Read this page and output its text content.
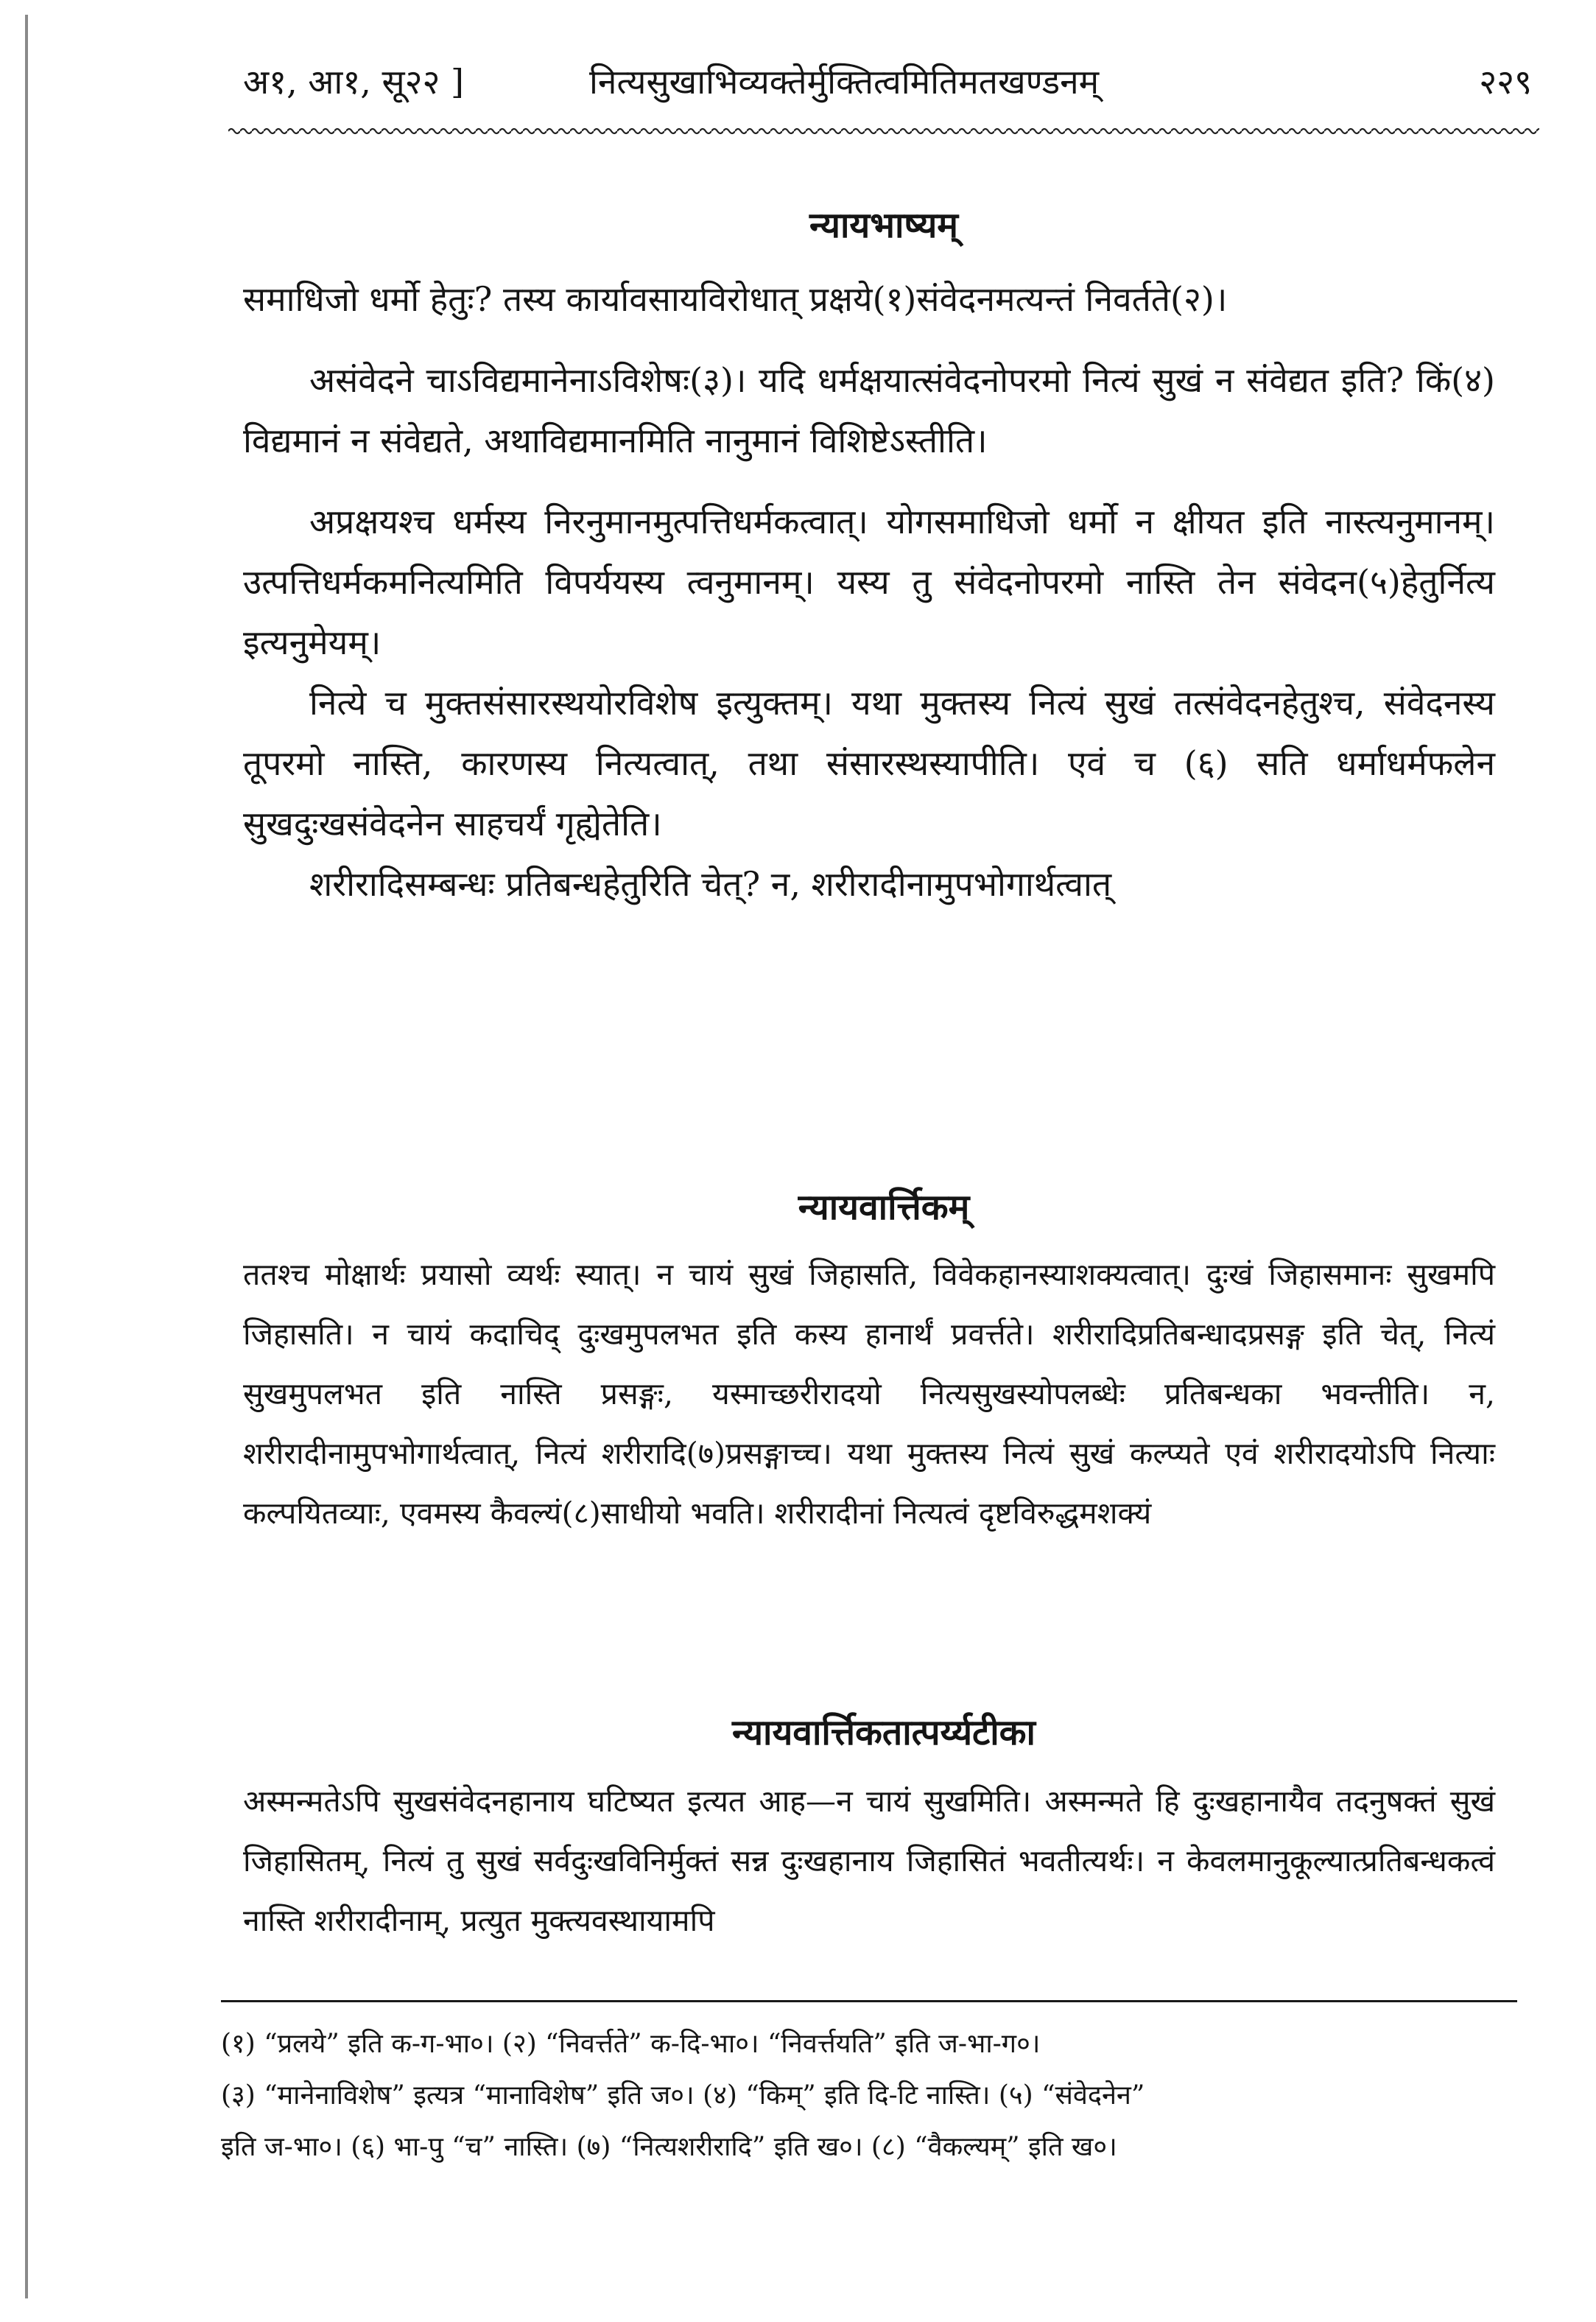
अ१, आ१, सू२२ ]	नित्यसुखाभिव्यक्तेर्मुक्तित्वमितिमतखण्डनम्	२२९
न्यायभाष्यम्

समाधिजो धर्मो हेतुः? तस्य कार्यावसायविरोधात् प्रक्षये(१)संवेदनमत्यन्तं निवर्तते(२)।

असंवेदने चाऽविद्यमानेनाऽविशेषः(३)। यदि धर्मक्षयात्संवेदनोपरमो नित्यं सुखं न संवेद्यत इति? किं(४) विद्यमानं न संवेद्यते, अथाविद्यमानमिति नानुमानं विशिष्टेऽस्तीति।

अप्रक्षयश्च धर्मस्य निरनुमानमुत्पत्तिधर्मकत्वात्। योगसमाधिजो धर्मो न क्षीयत इति नास्त्यनुमानम्। उत्पत्तिधर्मकमनित्यमिति विपर्ययस्य त्वनुमानम्। यस्य तु संवेदनोपरमो नास्ति तेन संवेदन(५)हेतुर्नित्य इत्यनुमेयम्।

नित्ये च मुक्तसंसारस्थयोरविशेष इत्युक्तम्। यथा मुक्तस्य नित्यं सुखं तत्संवेदनहेतुश्च, संवेदनस्य तूपरमो नास्ति, कारणस्य नित्यत्वात्, तथा संसारस्थस्यापीति। एवं च (६) सति धर्माधर्मफलेन सुखदुःखसंवेदनेन साहचर्यं गृह्येतेति।

शरीरादिसम्बन्धः प्रतिबन्धहेतुरिति चेत्? न, शरीरादीनामुपभोगार्थत्वात्

न्यायवार्त्तिकम्

ततश्च मोक्षार्थः प्रयासो व्यर्थः स्यात्। न चायं सुखं जिहासति, विवेकहानस्याशक्यत्वात्। दुःखं जिहासमानः सुखमपि जिहासति। न चायं कदाचिद् दुःखमुपलभत इति कस्य हानार्थं प्रवर्त्तते। शरीरादिप्रतिबन्धादप्रसङ्ग इति चेत्, नित्यं सुखमुपलभत इति नास्ति प्रसङ्गः, यस्माच्छरीरादयो नित्यसुखस्योपलब्धेः प्रतिबन्धका भवन्तीति। न, शरीरादीनामुपभोगार्थत्वात्, नित्यं शरीरादि(७)प्रसङ्गाच्च। यथा मुक्तस्य नित्यं सुखं कल्प्यते एवं शरीरादयोऽपि नित्याः कल्पयितव्याः, एवमस्य कैवल्यं(८)साधीयो भवति। शरीरादीनां नित्यत्वं दृष्टविरुद्धमशक्यं

न्यायवार्त्तिकतात्पर्य्यटीका

अस्मन्मतेऽपि सुखसंवेदनहानाय घटिष्यत इत्यत आह—न चायं सुखमिति। अस्मन्मते हि दुःखहानायैव तदनुषक्तं सुखं जिहासितम्, नित्यं तु सुखं सर्वदुःखविनिर्मुक्तं सन्न दुःखहानाय जिहासितं भवतीत्यर्थः। न केवलमानुकूल्यात्प्रतिबन्धकत्वं नास्ति शरीरादीनाम्, प्रत्युत मुक्त्यवस्थायामपि

(१) “प्रलये” इति क-ग-भा०। (२) “निवर्त्तते” क-दि-भा०। “निवर्त्तयति” इति ज-भा-ग०।

(३) “मानेनाविशेष” इत्यत्र “मानाविशेष” इति ज०। (४) “किम्” इति दि-टि नास्ति। (५) “संवेदनेन”

इति ज-भा०। (६) भा-पु “च” नास्ति। (७) “नित्यशरीरादि” इति ख०। (८) “वैकल्यम्” इति ख०।
